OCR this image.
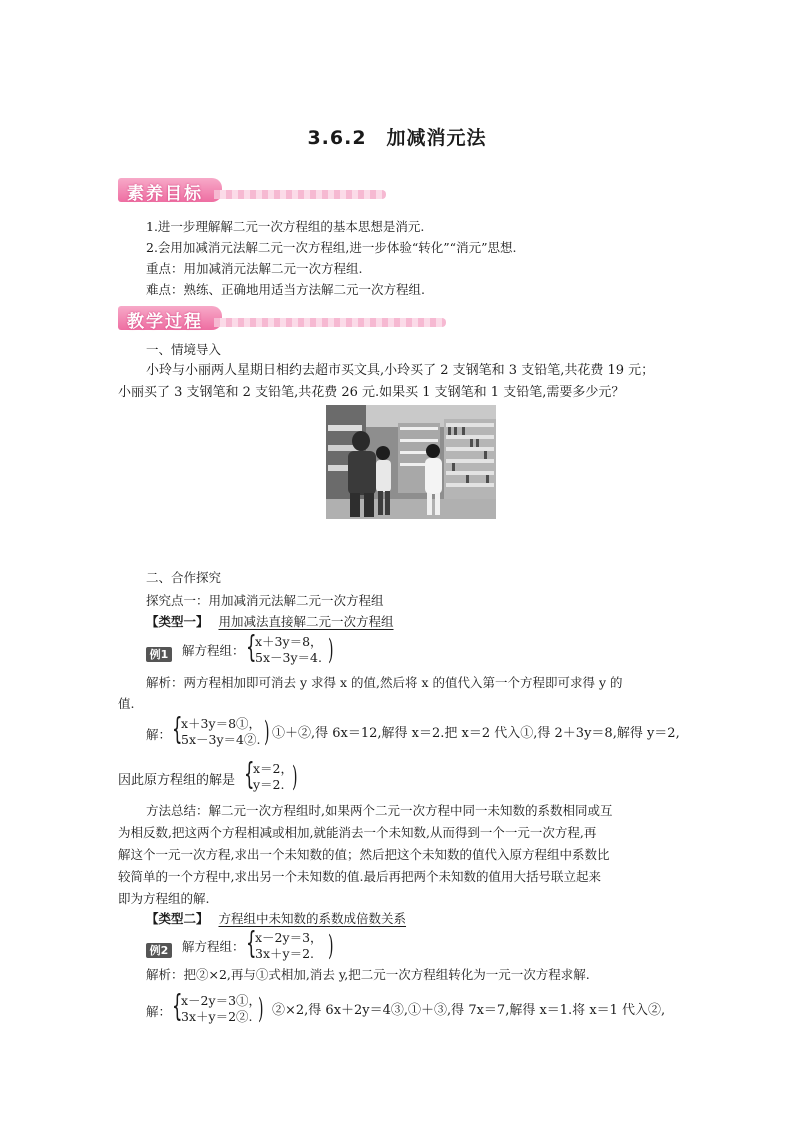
3.6.2　加减消元法
素养目标
1.进一步理解解二元一次方程组的基本思想是消元.
2.会用加减消元法解二元一次方程组,进一步体验“转化”“消元”思想.
重点：用加减消元法解二元一次方程组.
难点：熟练、正确地用适当方法解二元一次方程组.
教学过程
一、情境导入
小玲与小丽两人星期日相约去超市买文具,小玲买了 2 支钢笔和 3 支铅笔,共花费 19 元；
小丽买了 3 支钢笔和 2 支铅笔,共花费 26 元.如果买 1 支钢笔和 1 支铅笔,需要多少元？
二、合作探究
探究点一：用加减消元法解二元一次方程组
【类型一】 用加减法直接解二元一次方程组
例1 解方程组： {
x＋3y＝8，
5x－3y＝4. )
解析：两方程相加即可消去 y 求得 x 的值,然后将 x 的值代入第一个方程即可求得 y 的
值.
解： {
x＋3y＝8①，
5x－3y＝4②. ) ①＋②,得 6x＝12,解得 x＝2.把 x＝2 代入①,得 2＋3y＝8,解得 y＝2,
因此原方程组的解是 {
x＝2，
y＝2. )
方法总结：解二元一次方程组时,如果两个二元一次方程中同一未知数的系数相同或互
为相反数,把这两个方程相减或相加,就能消去一个未知数,从而得到一个一元一次方程,再
解这个一元一次方程,求出一个未知数的值；然后把这个未知数的值代入原方程组中系数比
较简单的一个方程中,求出另一个未知数的值.最后再把两个未知数的值用大括号联立起来
即为方程组的解.
【类型二】 方程组中未知数的系数成倍数关系
例2 解方程组： {
x－2y＝3，
3x＋y＝2. )
解析：把②×2,再与①式相加,消去 y,把二元一次方程组转化为一元一次方程求解.
解： {
x－2y＝3①，
3x＋y＝2②. ) ②×2,得 6x＋2y＝4③,①＋③,得 7x＝7,解得 x＝1.将 x＝1 代入②,
